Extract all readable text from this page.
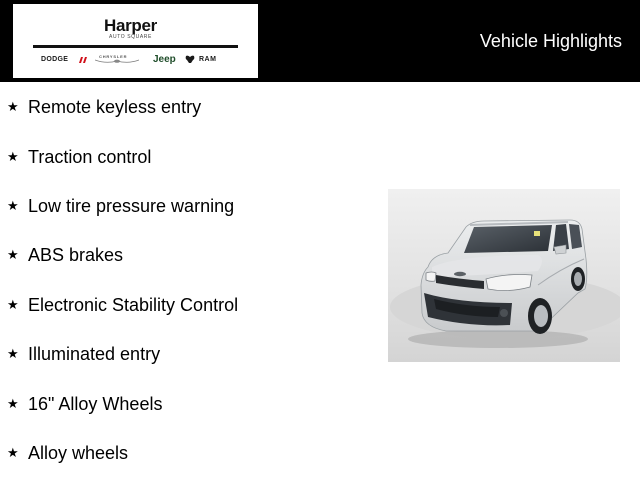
Harper
AUTO SQUARE
DODGE	CHRYSLER	Jeep	RAM
Vehicle Highlights
★ Remote keyless entry
★ Traction control
★ Low tire pressure warning
★ ABS brakes
★ Electronic Stability Control
★ Illuminated entry
★ 16" Alloy Wheels
★ Alloy wheels
